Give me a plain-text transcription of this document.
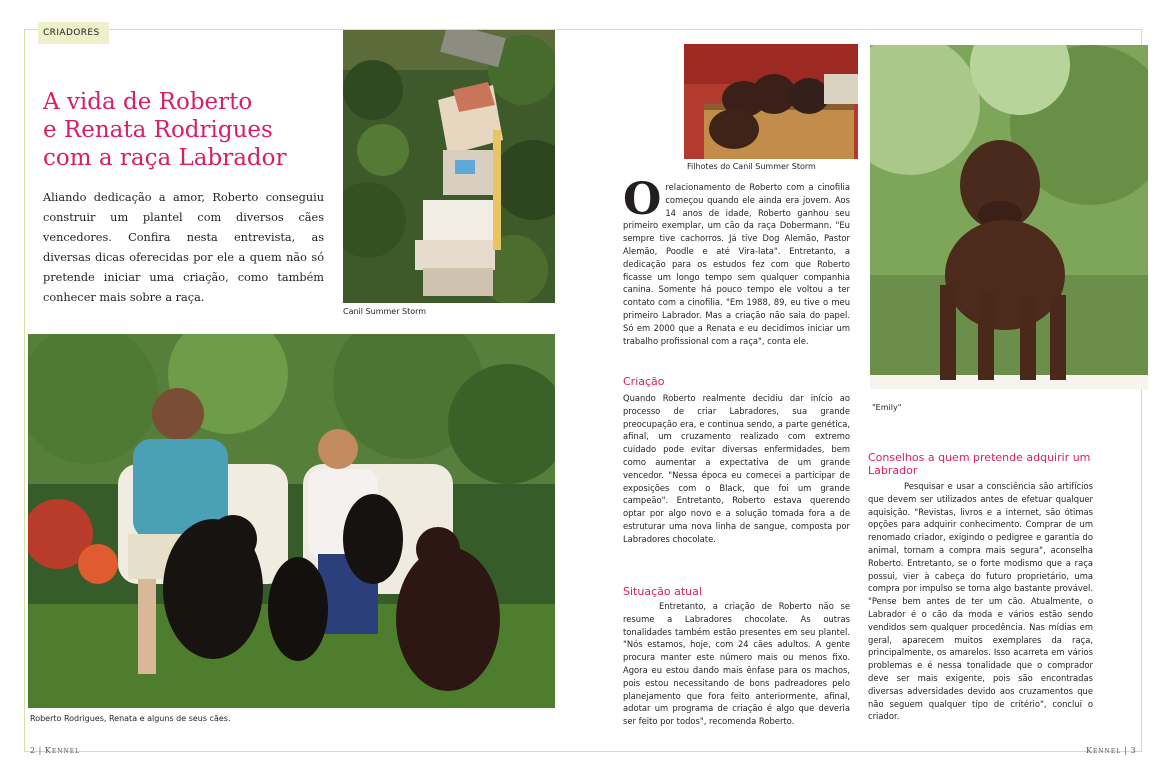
CRIADORES
A vida de Roberto
e Renata Rodrigues
com a raça Labrador

Aliando dedicação a amor, Roberto conseguiu construir um plantel com diversos cães vencedores. Confira nesta entrevista, as diversas dicas oferecidas por ele a quem não só pretende iniciar uma criação, como também conhecer mais sobre a raça.

Canil Summer Storm
Roberto Rodrigues, Renata e alguns de seus cães.
Filhotes do Canil Summer Storm
"Emily"

Orelacionamento de Roberto com a cinofilia começou quando ele ainda era jovem. Aos 14 anos de idade, Roberto ganhou seu primeiro exemplar, um cão da raça Dobermann. "Eu sempre tive cachorros. Já tive Dog Alemão, Pastor Alemão, Poodle e até Vira-lata". Entretanto, a dedicação para os estudos fez com que Roberto ficasse um longo tempo sem qualquer companhia canina. Somente há pouco tempo ele voltou a ter contato com a cinofilia. "Em 1988, 89, eu tive o meu primeiro Labrador. Mas a criação não saia do papel. Só em 2000 que a Renata e eu decidimos iniciar um trabalho profissional com a raça", conta ele.

Criação

Quando Roberto realmente decidiu dar início ao processo de criar Labradores, sua grande preocupação era, e continua sendo, a parte genética, afinal, um cruzamento realizado com extremo cuidado pode evitar diversas enfermidades, bem como aumentar a expectativa de um grande vencedor. "Nessa época eu comecei a participar de exposições com o Black, que foi um grande campeão". Entretanto, Roberto estava querendo optar por algo novo e a solução tomada fora a de estruturar uma nova linha de sangue, composta por Labradores chocolate.

Situação atual

Entretanto, a criação de Roberto não se resume a Labradores chocolate. As outras tonalidades também estão presentes em seu plantel. "Nós estamos, hoje, com 24 cães adultos. A gente procura manter este número mais ou menos fixo. Agora eu estou dando mais ênfase para os machos, pois estou necessitando de bons padreadores pelo planejamento que fora feito anteriormente, afinal, adotar um programa de criação é algo que deveria ser feito por todos", recomenda Roberto.

Conselhos a quem pretende adquirir um Labrador

Pesquisar e usar a consciência são artifícios que devem ser utilizados antes de efetuar qualquer aquisição. "Revistas, livros e a internet, são ótimas opções para adquirir conhecimento. Comprar de um renomado criador, exigindo o pedigree e garantia do animal, tornam a compra mais segura", aconselha Roberto. Entretanto, se o forte modismo que a raça possui, vier à cabeça do futuro proprietário, uma compra por impulso se torna algo bastante provável. "Pense bem antes de ter um cão. Atualmente, o Labrador é o cão da moda e vários estão sendo vendidos sem qualquer procedência. Nas mídias em geral, aparecem muitos exemplares da raça, principalmente, os amarelos. Isso acarreta em vários problemas e é nessa tonalidade que o comprador deve ser mais exigente, pois são encontradas diversas adversidades devido aos cruzamentos que não seguem qualquer tipo de critério", conclui o criador.

2 | Kennel	Kennel | 3
